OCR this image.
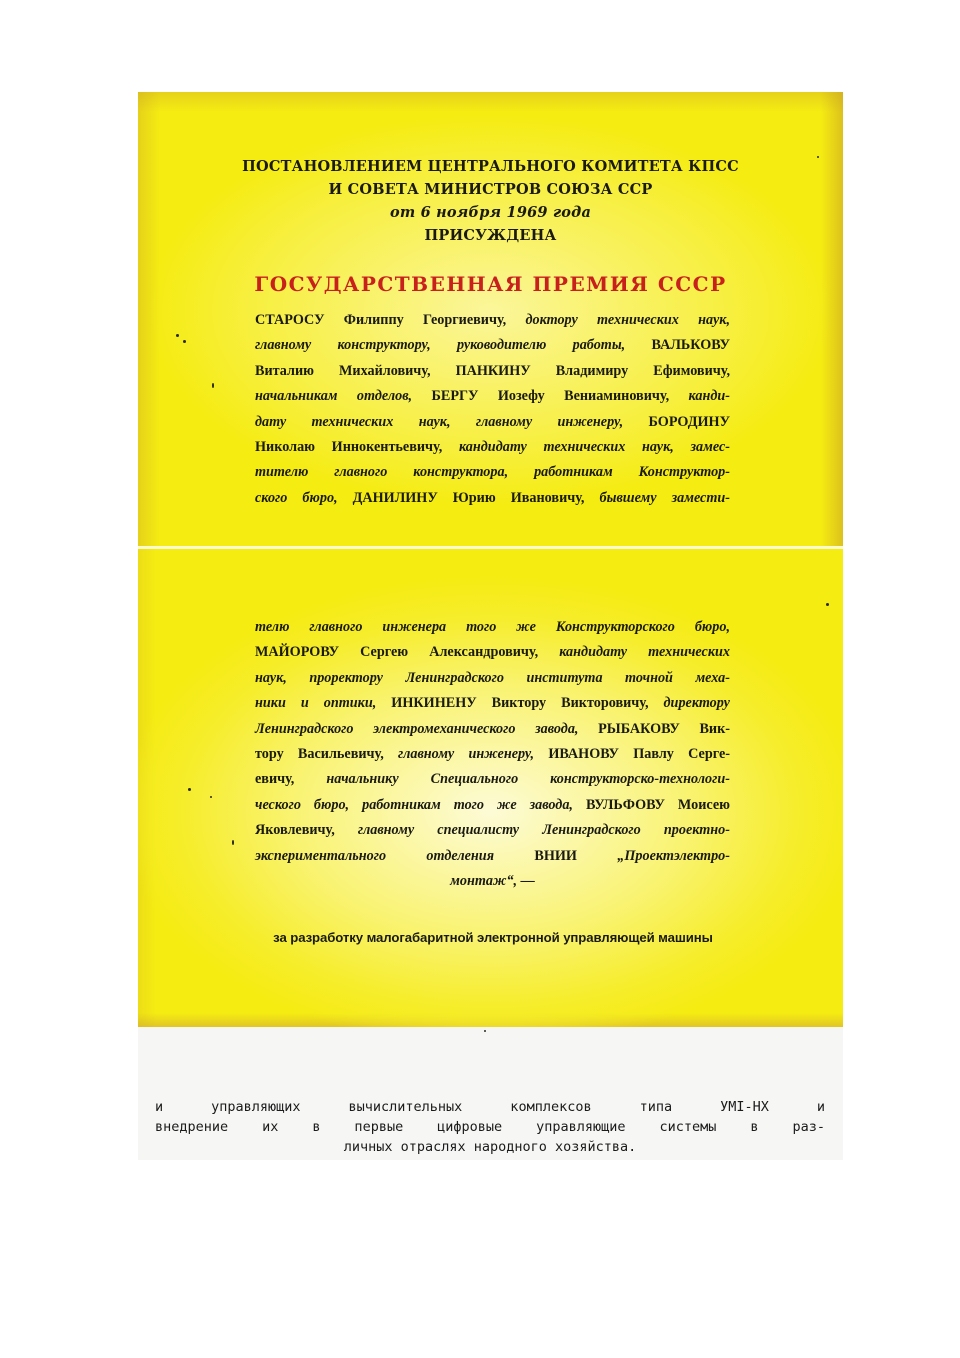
ПОСТАНОВЛЕНИЕМ ЦЕНТРАЛЬНОГО КОМИТЕТА КПСС
И СОВЕТА МИНИСТРОВ СОЮЗА ССР
от 6 ноября 1969 года
ПРИСУЖДЕНА
ГОСУДАРСТВЕННАЯ ПРЕМИЯ СССР
СТАРОСУ Филиппу Георгиевичу, доктору технических наук,
главному конструктору, руководителю работы, ВАЛЬКОВУ
Виталию Михайловичу, ПАНКИНУ Владимиру Ефимовичу,
начальникам отделов, БЕРГУ Иозефу Вениаминовичу, канди-
дату технических наук, главному инженеру, БОРОДИНУ
Николаю Иннокентьевичу, кандидату технических наук, замес-
тителю главного конструктора, работникам Конструктор-
ского бюро, ДАНИЛИНУ Юрию Ивановичу, бывшему замести-
телю главного инженера того же Конструкторского бюро,
МАЙОРОВУ Сергею Александровичу, кандидату технических
наук, проректору Ленинградского института точной меха-
ники и оптики, ИНКИНЕНУ Виктору Викторовичу, директору
Ленинградского электромеханического завода, РЫБАКОВУ Вик-
тору Васильевичу, главному инженеру, ИВАНОВУ Павлу Серге-
евичу, начальнику Специального конструкторско-технологи-
ческого бюро, работникам того же завода, ВУЛЬФОВУ Моисею
Яковлевичу, главному специалисту Ленинградского проектно-
экспериментального отделения ВНИИ „Проектэлектро-
монтаж“, —
за разработку малогабаритной электронной управляющей машины
и управляющих вычислительных комплексов типа УМІ-НХ и
внедрение их в первые цифровые управляющие системы в раз-
личных отраслях народного хозяйства.
